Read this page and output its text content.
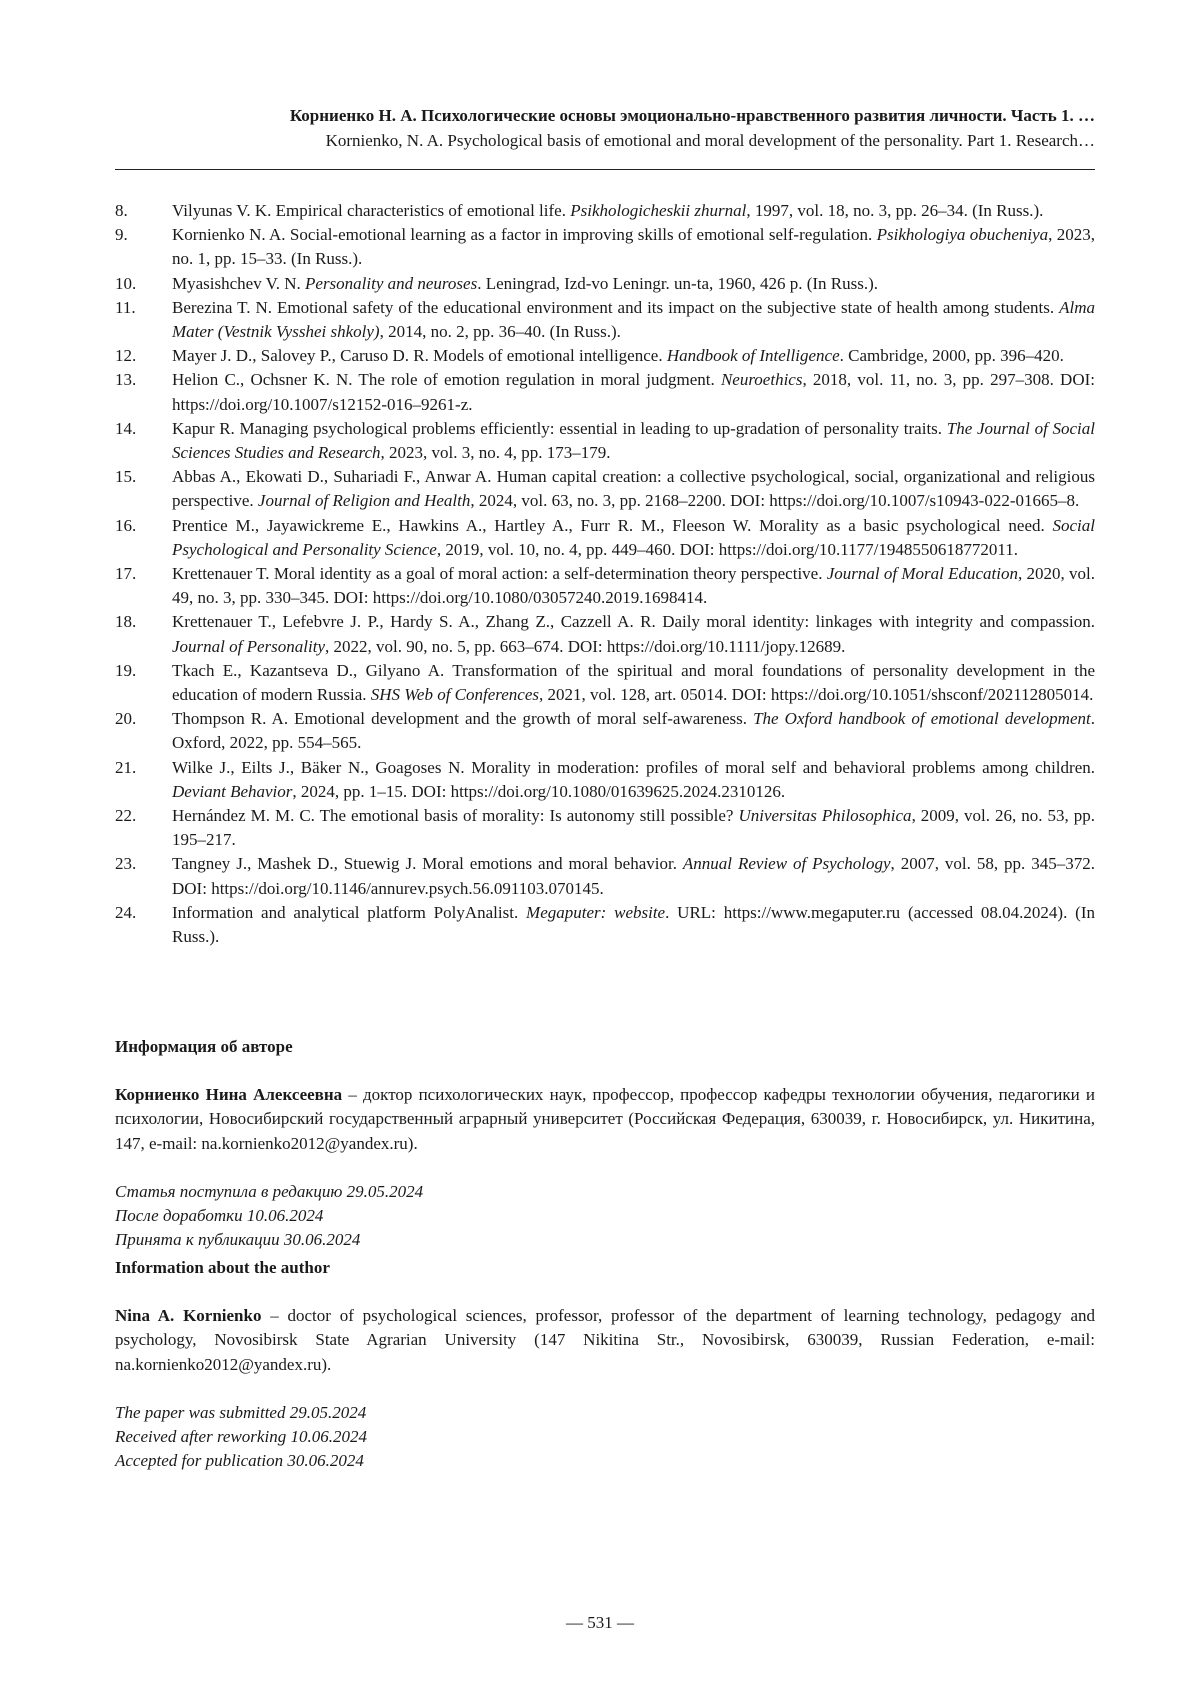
Корниенко Н. А. Психологические основы эмоционально-нравственного развития личности. Часть 1. …
Kornienko, N. A. Psychological basis of emotional and moral development of the personality. Part 1. Research…
8.	Vilyunas V. K. Empirical characteristics of emotional life. Psikhologicheskii zhurnal, 1997, vol. 18, no. 3, pp. 26–34. (In Russ.).
9.	Kornienko N. A. Social-emotional learning as a factor in improving skills of emotional self-regulation. Psikhologiya obucheniya, 2023, no. 1, pp. 15–33. (In Russ.).
10.	Myasishchev V. N. Personality and neuroses. Leningrad, Izd-vo Leningr. un-ta, 1960, 426 p. (In Russ.).
11.	Berezina T. N. Emotional safety of the educational environment and its impact on the subjective state of health among students. Alma Mater (Vestnik Vysshei shkoly), 2014, no. 2, pp. 36–40. (In Russ.).
12.	Mayer J. D., Salovey P., Caruso D. R. Models of emotional intelligence. Handbook of Intelligence. Cambridge, 2000, pp. 396–420.
13.	Helion C., Ochsner K. N. The role of emotion regulation in moral judgment. Neuroethics, 2018, vol. 11, no. 3, pp. 297–308. DOI: https://doi.org/10.1007/s12152-016–9261-z.
14.	Kapur R. Managing psychological problems efficiently: essential in leading to up-gradation of personality traits. The Journal of Social Sciences Studies and Research, 2023, vol. 3, no. 4, pp. 173–179.
15.	Abbas A., Ekowati D., Suhariadi F., Anwar A. Human capital creation: a collective psychological, social, organizational and religious perspective. Journal of Religion and Health, 2024, vol. 63, no. 3, pp. 2168–2200. DOI: https://doi.org/10.1007/s10943-022-01665–8.
16.	Prentice M., Jayawickreme E., Hawkins A., Hartley A., Furr R. M., Fleeson W. Morality as a basic psychological need. Social Psychological and Personality Science, 2019, vol. 10, no. 4, pp. 449–460. DOI: https://doi.org/10.1177/1948550618772011.
17.	Krettenauer T. Moral identity as a goal of moral action: a self-determination theory perspective. Journal of Moral Education, 2020, vol. 49, no. 3, pp. 330–345. DOI: https://doi.org/10.1080/03057240.2019.1698414.
18.	Krettenauer T., Lefebvre J. P., Hardy S. A., Zhang Z., Cazzell A. R. Daily moral identity: linkages with integrity and compassion. Journal of Personality, 2022, vol. 90, no. 5, pp. 663–674. DOI: https://doi.org/10.1111/jopy.12689.
19.	Tkach E., Kazantseva D., Gilyano A. Transformation of the spiritual and moral foundations of personality development in the education of modern Russia. SHS Web of Conferences, 2021, vol. 128, art. 05014. DOI: https://doi.org/10.1051/shsconf/202112805014.
20.	Thompson R. A. Emotional development and the growth of moral self-awareness. The Oxford handbook of emotional development. Oxford, 2022, pp. 554–565.
21.	Wilke J., Eilts J., Bäker N., Goagoses N. Morality in moderation: profiles of moral self and behavioral problems among children. Deviant Behavior, 2024, pp. 1–15. DOI: https://doi.org/10.1080/01639625.2024.2310126.
22.	Hernández M. M. C. The emotional basis of morality: Is autonomy still possible? Universitas Philosophica, 2009, vol. 26, no. 53, pp. 195–217.
23.	Tangney J., Mashek D., Stuewig J. Moral emotions and moral behavior. Annual Review of Psychology, 2007, vol. 58, pp. 345–372. DOI: https://doi.org/10.1146/annurev.psych.56.091103.070145.
24.	Information and analytical platform PolyAnalist. Megaputer: website. URL: https://www.megaputer.ru (accessed 08.04.2024). (In Russ.).
Информация об авторе
Корниенко Нина Алексеевна – доктор психологических наук, профессор, профессор кафедры технологии обучения, педагогики и психологии, Новосибирский государственный аграрный университет (Российская Федерация, 630039, г. Новосибирск, ул. Никитина, 147, e-mail: na.kornienko2012@yandex.ru).
Статья поступила в редакцию 29.05.2024
После доработки 10.06.2024
Принята к публикации 30.06.2024
Information about the author
Nina A. Kornienko – doctor of psychological sciences, professor, professor of the department of learning technology, pedagogy and psychology, Novosibirsk State Agrarian University (147 Nikitina Str., Novosibirsk, 630039, Russian Federation, e-mail: na.kornienko2012@yandex.ru).
The paper was submitted 29.05.2024
Received after reworking 10.06.2024
Accepted for publication 30.06.2024
— 531 —
